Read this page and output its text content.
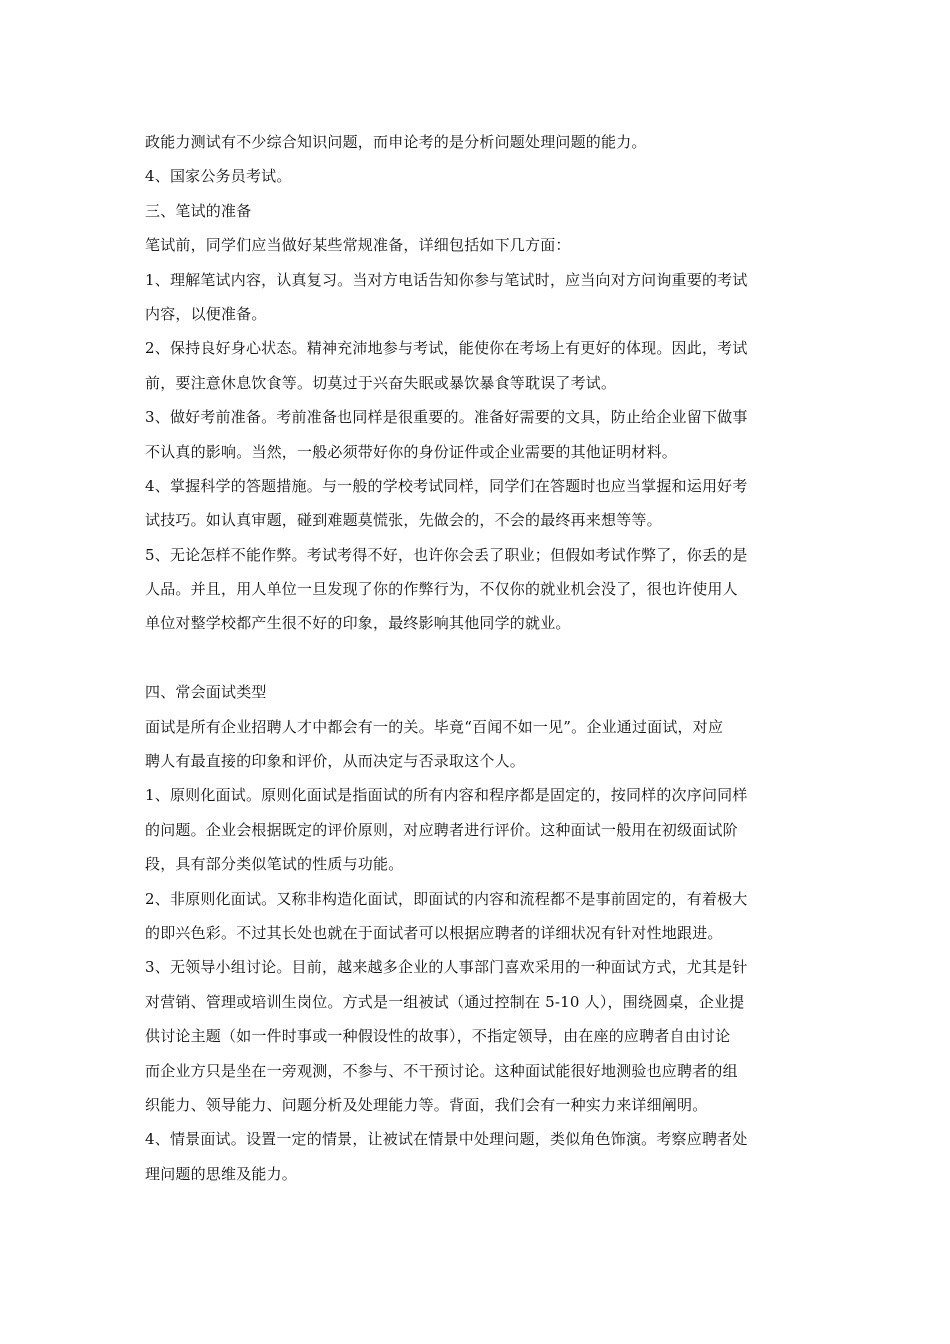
政能力测试有不少综合知识问题，而申论考的是分析问题处理问题的能力。
4、国家公务员考试。
三、笔试的准备
笔试前，同学们应当做好某些常规准备，详细包括如下几方面：
1、理解笔试内容，认真复习。当对方电话告知你参与笔试时，应当向对方问询重要的考试
内容，以便准备。
2、保持良好身心状态。精神充沛地参与考试，能使你在考场上有更好的体现。因此，考试
前，要注意休息饮食等。切莫过于兴奋失眠或暴饮暴食等耽误了考试。
3、做好考前准备。考前准备也同样是很重要的。准备好需要的文具，防止给企业留下做事
不认真的影响。当然，一般必须带好你的身份证件或企业需要的其他证明材料。
4、掌握科学的答题措施。与一般的学校考试同样，同学们在答题时也应当掌握和运用好考
试技巧。如认真审题，碰到难题莫慌张，先做会的，不会的最终再来想等等。
5、无论怎样不能作弊。考试考得不好，也许你会丢了职业；但假如考试作弊了，你丢的是
人品。并且，用人单位一旦发现了你的作弊行为，不仅你的就业机会没了，很也许使用人
单位对整学校都产生很不好的印象，最终影响其他同学的就业。
四、常会面试类型
面试是所有企业招聘人才中都会有一的关。毕竟“百闻不如一见”。企业通过面试，对应
聘人有最直接的印象和评价，从而决定与否录取这个人。
1、原则化面试。原则化面试是指面试的所有内容和程序都是固定的，按同样的次序问同样
的问题。企业会根据既定的评价原则，对应聘者进行评价。这种面试一般用在初级面试阶
段，具有部分类似笔试的性质与功能。
2、非原则化面试。又称非构造化面试，即面试的内容和流程都不是事前固定的，有着极大
的即兴色彩。不过其长处也就在于面试者可以根据应聘者的详细状况有针对性地跟进。
3、无领导小组讨论。目前，越来越多企业的人事部门喜欢采用的一种面试方式，尤其是针
对营销、管理或培训生岗位。方式是一组被试（通过控制在 5-10 人），围绕圆桌，企业提
供讨论主题（如一件时事或一种假设性的故事），不指定领导，由在座的应聘者自由讨论
而企业方只是坐在一旁观测，不参与、不干预讨论。这种面试能很好地测验也应聘者的组
织能力、领导能力、问题分析及处理能力等。背面，我们会有一种实力来详细阐明。
4、情景面试。设置一定的情景，让被试在情景中处理问题，类似角色饰演。考察应聘者处
理问题的思维及能力。
